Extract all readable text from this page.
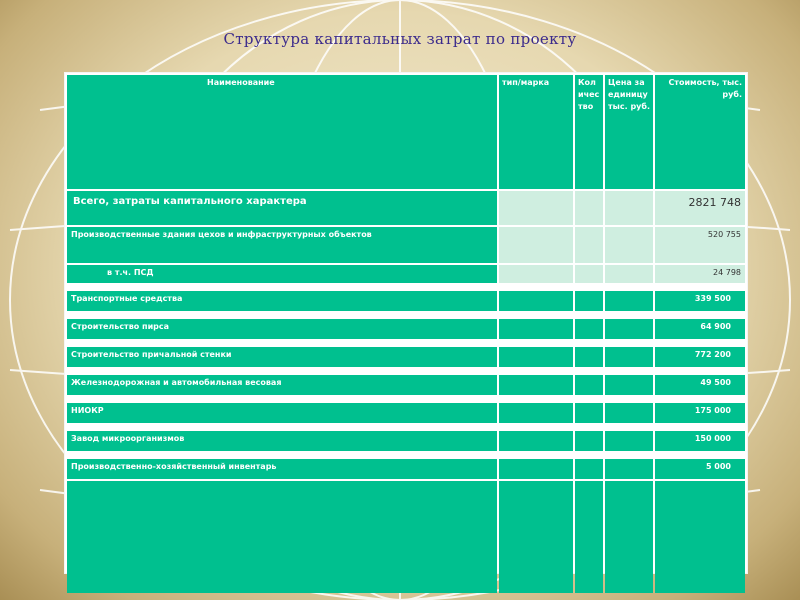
Структура капитальных затрат по проекту
Наименование	тип/марка	Количество	Цена за единицу тыс. руб.	Стоимость, тыс. руб.
Всего, затраты капитального характера				2821 748
Производственные здания цехов и инфраструктурных объектов				520 755
в т.ч. ПСД				24 798

Транспортные средства				339 500

Строительство пирса				64 900

Строительство причальной стенки				772 200

Железнодорожная и автомобильная весовая				49 500

НИОКР				175 000

Завод микроорганизмов				150 000

Производственно-хозяйственный инвентарь				5 000
